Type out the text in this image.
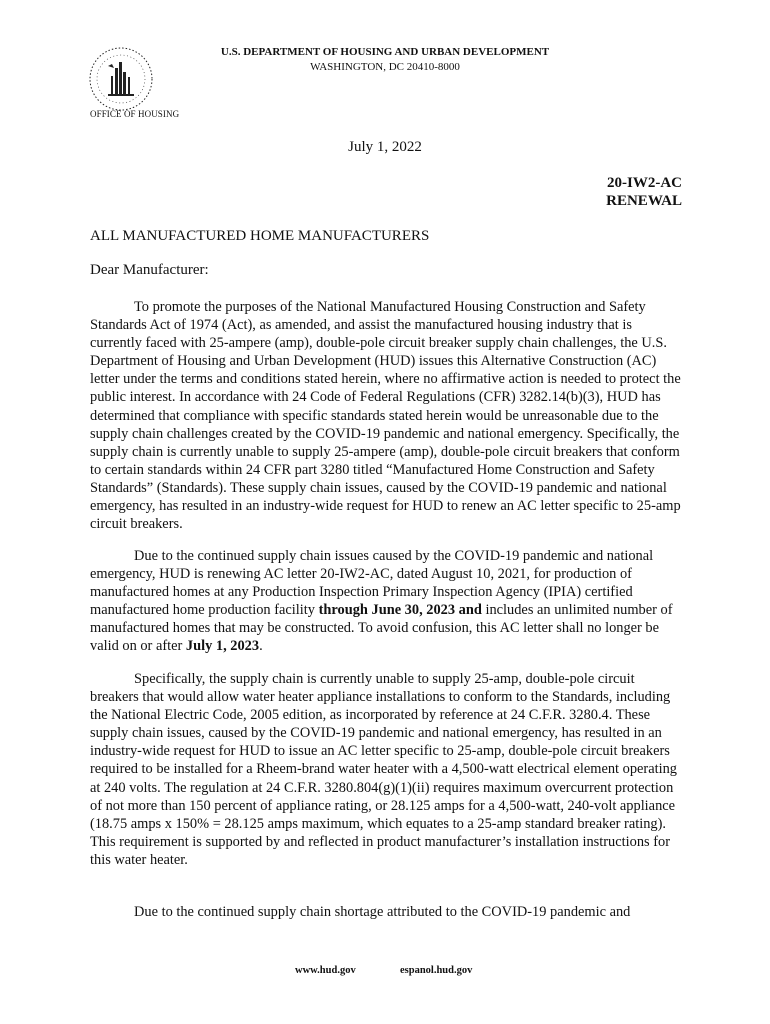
U.S. DEPARTMENT OF HOUSING AND URBAN DEVELOPMENT
WASHINGTON, DC 20410-8000
OFFICE OF HOUSING
July 1, 2022
20-IW2-AC
RENEWAL
ALL MANUFACTURED HOME MANUFACTURERS
Dear Manufacturer:

To promote the purposes of the National Manufactured Housing Construction and Safety Standards Act of 1974 (Act), as amended, and assist the manufactured housing industry that is currently faced with 25-ampere (amp), double-pole circuit breaker supply chain challenges, the U.S. Department of Housing and Urban Development (HUD) issues this Alternative Construction (AC) letter under the terms and conditions stated herein, where no affirmative action is needed to protect the public interest. In accordance with 24 Code of Federal Regulations (CFR) 3282.14(b)(3), HUD has determined that compliance with specific standards stated herein would be unreasonable due to the supply chain challenges created by the COVID-19 pandemic and national emergency. Specifically, the supply chain is currently unable to supply 25-ampere (amp), double-pole circuit breakers that conform to certain standards within 24 CFR part 3280 titled “Manufactured Home Construction and Safety Standards” (Standards). These supply chain issues, caused by the COVID-19 pandemic and national emergency, has resulted in an industry-wide request for HUD to renew an AC letter specific to 25-amp circuit breakers.

Due to the continued supply chain issues caused by the COVID-19 pandemic and national emergency, HUD is renewing AC letter 20-IW2-AC, dated August 10, 2021, for production of manufactured homes at any Production Inspection Primary Inspection Agency (IPIA) certified manufactured home production facility through June 30, 2023 and includes an unlimited number of manufactured homes that may be constructed. To avoid confusion, this AC letter shall no longer be valid on or after July 1, 2023.

Specifically, the supply chain is currently unable to supply 25-amp, double-pole circuit breakers that would allow water heater appliance installations to conform to the Standards, including the National Electric Code, 2005 edition, as incorporated by reference at 24 C.F.R. 3280.4. These supply chain issues, caused by the COVID-19 pandemic and national emergency, has resulted in an industry-wide request for HUD to issue an AC letter specific to 25-amp, double-pole circuit breakers required to be installed for a Rheem-brand water heater with a 4,500-watt electrical element operating at 240 volts. The regulation at 24 C.F.R. 3280.804(g)(1)(ii) requires maximum overcurrent protection of not more than 150 percent of appliance rating, or 28.125 amps for a 4,500-watt, 240-volt appliance (18.75 amps x 150% = 28.125 amps maximum, which equates to a 25-amp standard breaker rating). This requirement is supported by and reflected in product manufacturer’s installation instructions for this water heater.

Due to the continued supply chain shortage attributed to the COVID-19 pandemic and

www.hud.gov	espanol.hud.gov
